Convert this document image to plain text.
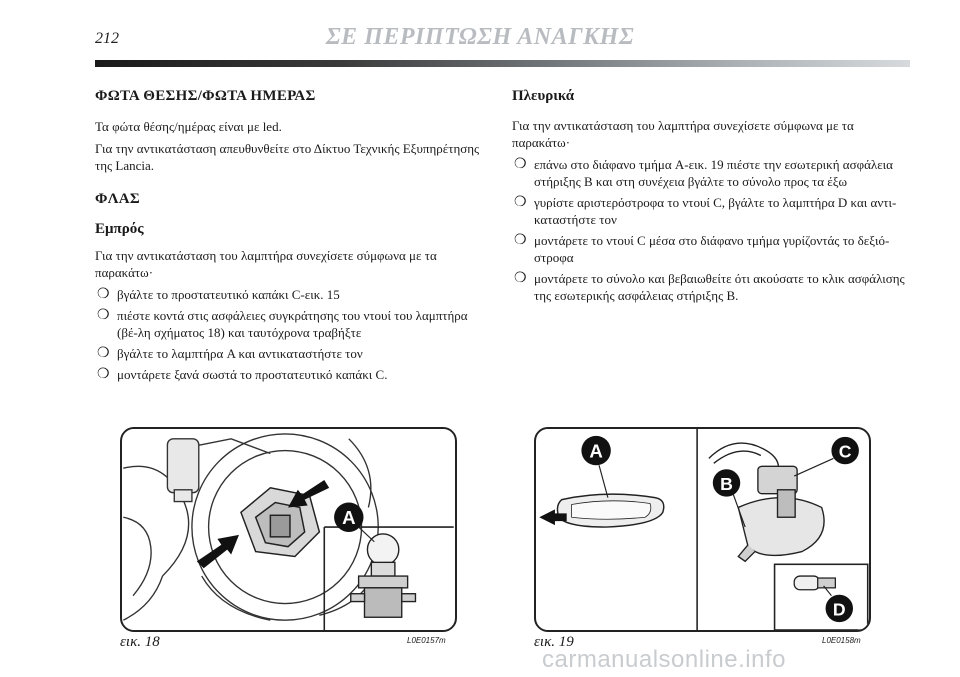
212	ΣΕ ΠΕΡΙΠΤΩΣΗ ΑΝΑΓΚΗΣ
ΦΩΤΑ ΘΕΣΗΣ/ΦΩΤΑ ΗΜΕΡΑΣ

Τα φώτα θέσης/ημέρας είναι με led.

Για την αντικατάσταση απευθυνθείτε στο Δίκτυο Τεχνικής Εξυπηρέτησης της Lancia.

ΦΛΑΣ
Εμπρός

Για την αντικατάσταση του λαμπτήρα συνεχίσετε σύμφωνα με τα παρακάτω·

❍ βγάλτε το προστατευτικό καπάκι C-εικ. 15
❍ πιέστε κοντά στις ασφάλειες συγκράτησης του ντουί του λαμπτήρα (βέ-λη σχήματος 18) και ταυτόχρονα τραβήξτε
❍ βγάλτε το λαμπτήρα A και αντικαταστήστε τον
❍ μοντάρετε ξανά σωστά το προστατευτικό καπάκι C.
Πλευρικά

Για την αντικατάσταση του λαμπτήρα συνεχίσετε σύμφωνα με τα παρακάτω·

❍ επάνω στο διάφανο τμήμα A-εικ. 19 πιέστε την εσωτερική ασφάλεια στήριξης B και στη συνέχεια βγάλτε το σύνολο προς τα έξω
❍ γυρίστε αριστερόστροφα το ντουί C, βγάλτε το λαμπτήρα D και αντι-καταστήστε τον
❍ μοντάρετε το ντουί C μέσα στο διάφανο τμήμα γυρίζοντάς το δεξιό-στροφα
❍ μοντάρετε το σύνολο και βεβαιωθείτε ότι ακούσατε το κλικ ασφάλισης της εσωτερικής ασφάλειας στήριξης B.
A
εικ. 18	L0E0157m
A
B
C
D
εικ. 19	L0E0158m
carmanualsonline.info
